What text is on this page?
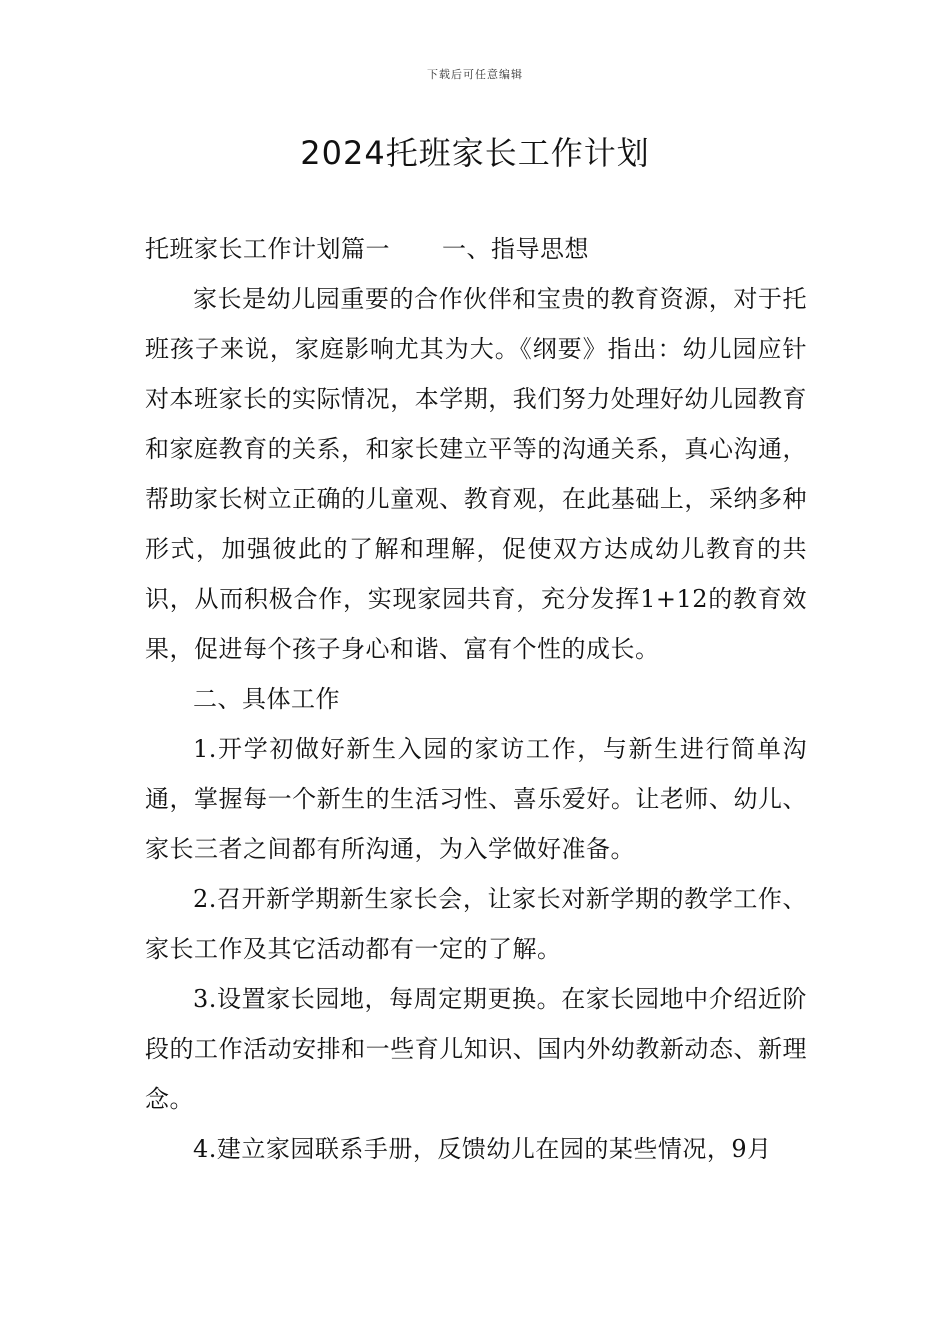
下载后可任意编辑
2024托班家长工作计划

托班家长工作计划篇一 一、指导思想

家长是幼儿园重要的合作伙伴和宝贵的教育资源，对于托班孩子来说，家庭影响尤其为大。《纲要》指出：幼儿园应针对本班家长的实际情况，本学期，我们努力处理好幼儿园教育和家庭教育的关系，和家长建立平等的沟通关系，真心沟通，帮助家长树立正确的儿童观、教育观，在此基础上，采纳多种形式，加强彼此的了解和理解，促使双方达成幼儿教育的共识，从而积极合作，实现家园共育，充分发挥1+12的教育效果，促进每个孩子身心和谐、富有个性的成长。

二、具体工作

1.开学初做好新生入园的家访工作，与新生进行简单沟通，掌握每一个新生的生活习性、喜乐爱好。让老师、幼儿、家长三者之间都有所沟通，为入学做好准备。

2.召开新学期新生家长会，让家长对新学期的教学工作、家长工作及其它活动都有一定的了解。

3.设置家长园地，每周定期更换。在家长园地中介绍近阶段的工作活动安排和一些育儿知识、国内外幼教新动态、新理念。

4.建立家园联系手册，反馈幼儿在园的某些情况，9月
